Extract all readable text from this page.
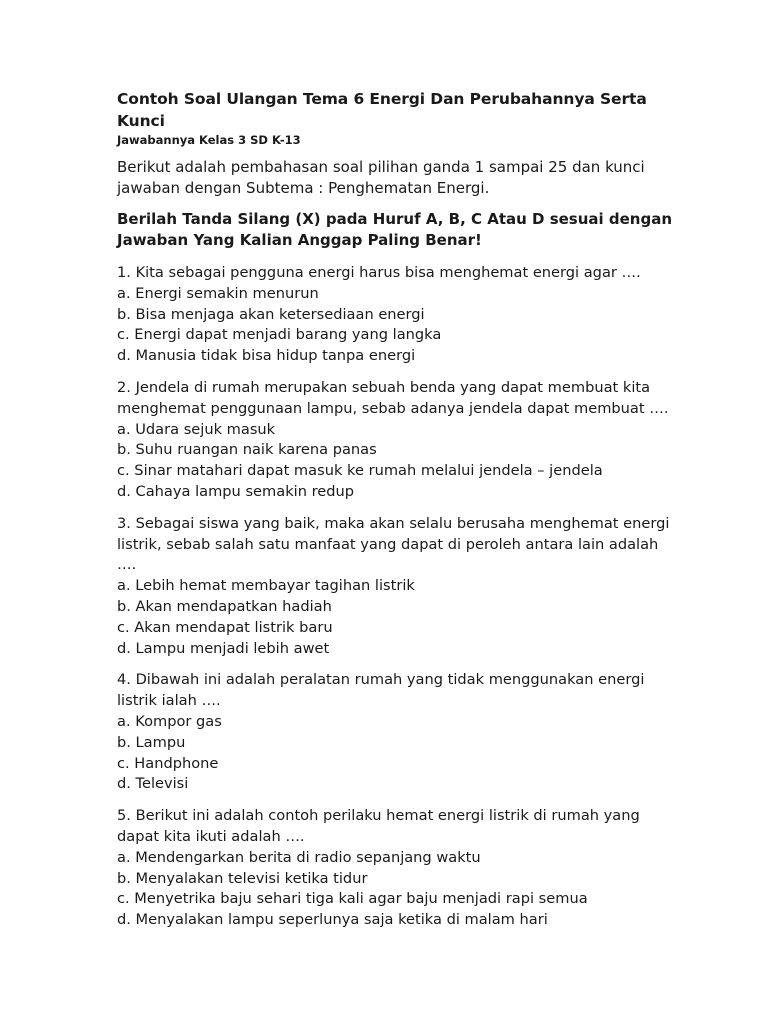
Contoh Soal Ulangan Tema 6 Energi Dan Perubahannya Serta Kunci

Jawabannya Kelas 3 SD K-13

Berikut adalah pembahasan soal pilihan ganda 1 sampai 25 dan kunci jawaban dengan Subtema : Penghematan Energi.

Berilah Tanda Silang (X) pada Huruf A, B, C Atau D sesuai dengan Jawaban Yang Kalian Anggap Paling Benar!

1. Kita sebagai pengguna energi harus bisa menghemat energi agar ….

a. Energi semakin menurun
b. Bisa menjaga akan ketersediaan energi
c. Energi dapat menjadi barang yang langka
d. Manusia tidak bisa hidup tanpa energi

2. Jendela di rumah merupakan sebuah benda yang dapat membuat kita menghemat penggunaan lampu, sebab adanya jendela dapat membuat ….

a. Udara sejuk masuk
b. Suhu ruangan naik karena panas
c. Sinar matahari dapat masuk ke rumah melalui jendela – jendela
d. Cahaya lampu semakin redup

3. Sebagai siswa yang baik, maka akan selalu berusaha menghemat energi listrik, sebab salah satu manfaat yang dapat di peroleh antara lain adalah ….

a. Lebih hemat membayar tagihan listrik
b. Akan mendapatkan hadiah
c. Akan mendapat listrik baru
d. Lampu menjadi lebih awet

4. Dibawah ini adalah peralatan rumah yang tidak menggunakan energi listrik ialah ….

a. Kompor gas
b. Lampu
c. Handphone
d. Televisi

5. Berikut ini adalah contoh perilaku hemat energi listrik di rumah yang dapat kita ikuti adalah ….

a. Mendengarkan berita di radio sepanjang waktu
b. Menyalakan televisi ketika tidur
c. Menyetrika baju sehari tiga kali agar baju menjadi rapi semua
d. Menyalakan lampu seperlunya saja ketika di malam hari
